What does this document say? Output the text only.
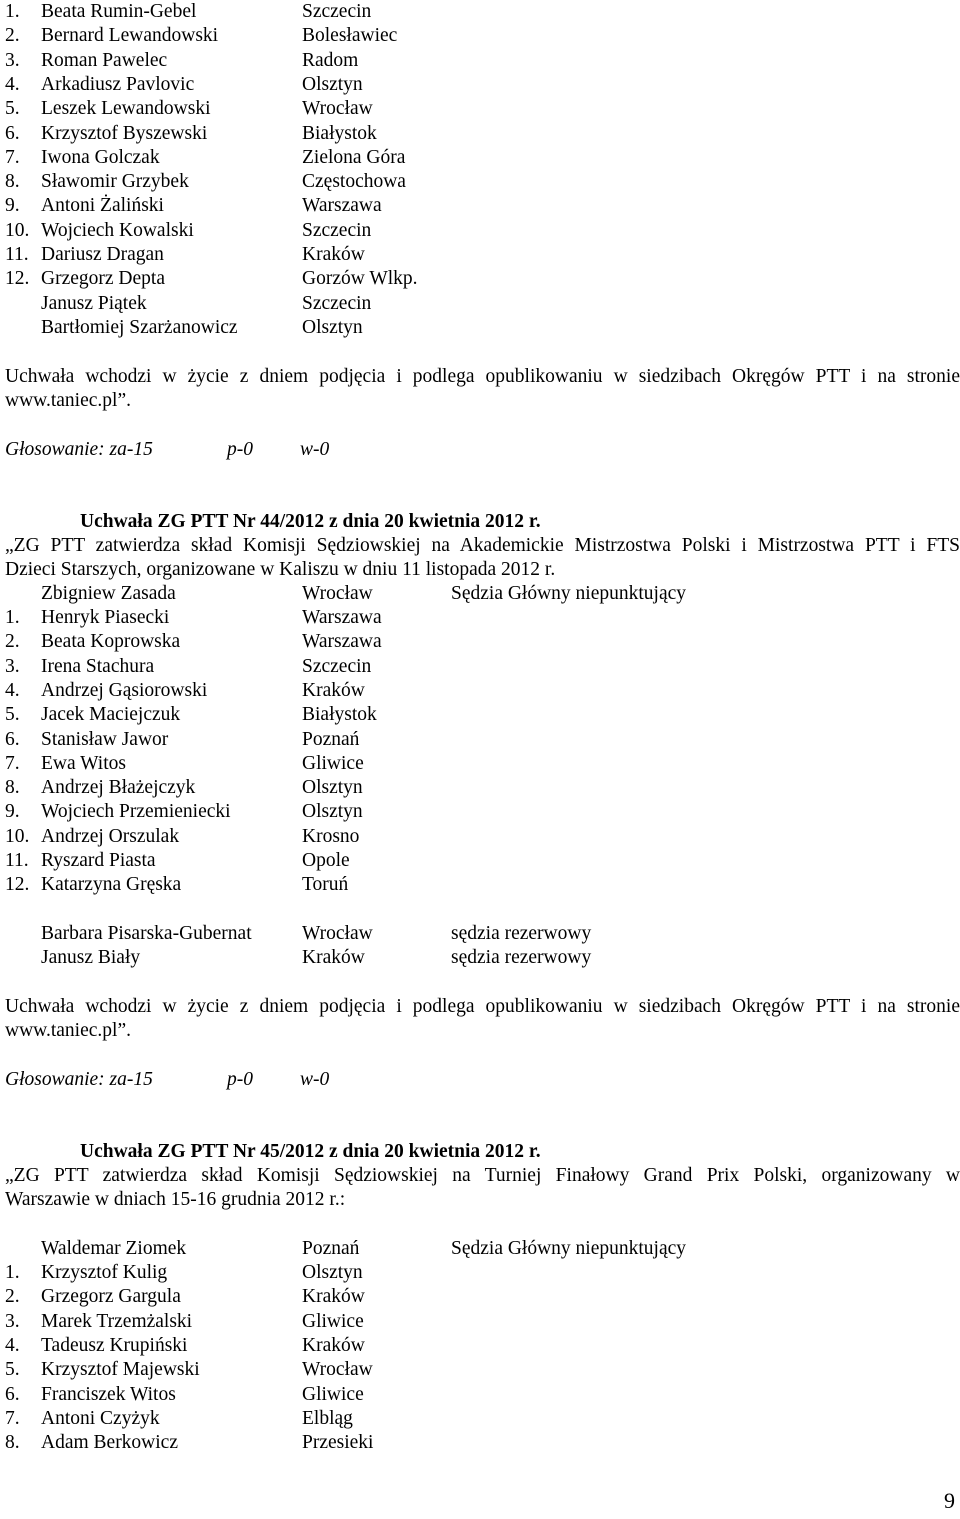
1. Beata Rumin-Gebel	Szczecin
2. Bernard Lewandowski	Bolesławiec
3. Roman Pawelec	Radom
4. Arkadiusz Pavlovic	Olsztyn
5. Leszek Lewandowski	Wrocław
6. Krzysztof Byszewski	Białystok
7. Iwona Golczak	Zielona Góra
8. Sławomir Grzybek	Częstochowa
9. Antoni Żaliński	Warszawa
10. Wojciech Kowalski	Szczecin
11. Dariusz Dragan	Kraków
12. Grzegorz Depta	Gorzów Wlkp.
Janusz Piątek	Szczecin
Bartłomiej Szarżanowicz	Olsztyn
Uchwała wchodzi w życie z dniem podjęcia i podlega opublikowaniu w siedzibach Okręgów PTT i na stronie
www.taniec.pl”.
Głosowanie: za-15	p-0 w-0
Uchwała ZG PTT Nr 44/2012 z dnia 20 kwietnia 2012 r.
„ZG PTT zatwierdza skład Komisji Sędziowskiej na Akademickie Mistrzostwa Polski i Mistrzostwa PTT i FTS
Dzieci Starszych, organizowane w Kaliszu w dniu 11 listopada 2012 r.
Zbigniew Zasada	Wrocław	Sędzia Główny niepunktujący
1. Henryk Piasecki	Warszawa
2. Beata Koprowska	Warszawa
3. Irena Stachura	Szczecin
4. Andrzej Gąsiorowski	Kraków
5. Jacek Maciejczuk	Białystok
6. Stanisław Jawor	Poznań
7. Ewa Witos	Gliwice
8. Andrzej Błażejczyk	Olsztyn
9. Wojciech Przemieniecki	Olsztyn
10. Andrzej Orszulak	Krosno
11. Ryszard Piasta	Opole
12. Katarzyna Gręska	Toruń
Barbara Pisarska-Gubernat	Wrocław	sędzia rezerwowy
Janusz Biały	Kraków	sędzia rezerwowy
Uchwała wchodzi w życie z dniem podjęcia i podlega opublikowaniu w siedzibach Okręgów PTT i na stronie
www.taniec.pl”.
Głosowanie: za-15	p-0 w-0
Uchwała ZG PTT Nr 45/2012 z dnia 20 kwietnia 2012 r.
„ZG PTT zatwierdza skład Komisji Sędziowskiej na Turniej Finałowy Grand Prix Polski, organizowany w
Warszawie w dniach 15-16 grudnia 2012 r.:
Waldemar Ziomek	Poznań	Sędzia Główny niepunktujący
1. Krzysztof Kulig	Olsztyn
2. Grzegorz Gargula	Kraków
3. Marek Trzemżalski	Gliwice
4. Tadeusz Krupiński	Kraków
5. Krzysztof Majewski	Wrocław
6. Franciszek Witos	Gliwice
7. Antoni Czyżyk	Elbląg
8. Adam Berkowicz	Przesieki
9
